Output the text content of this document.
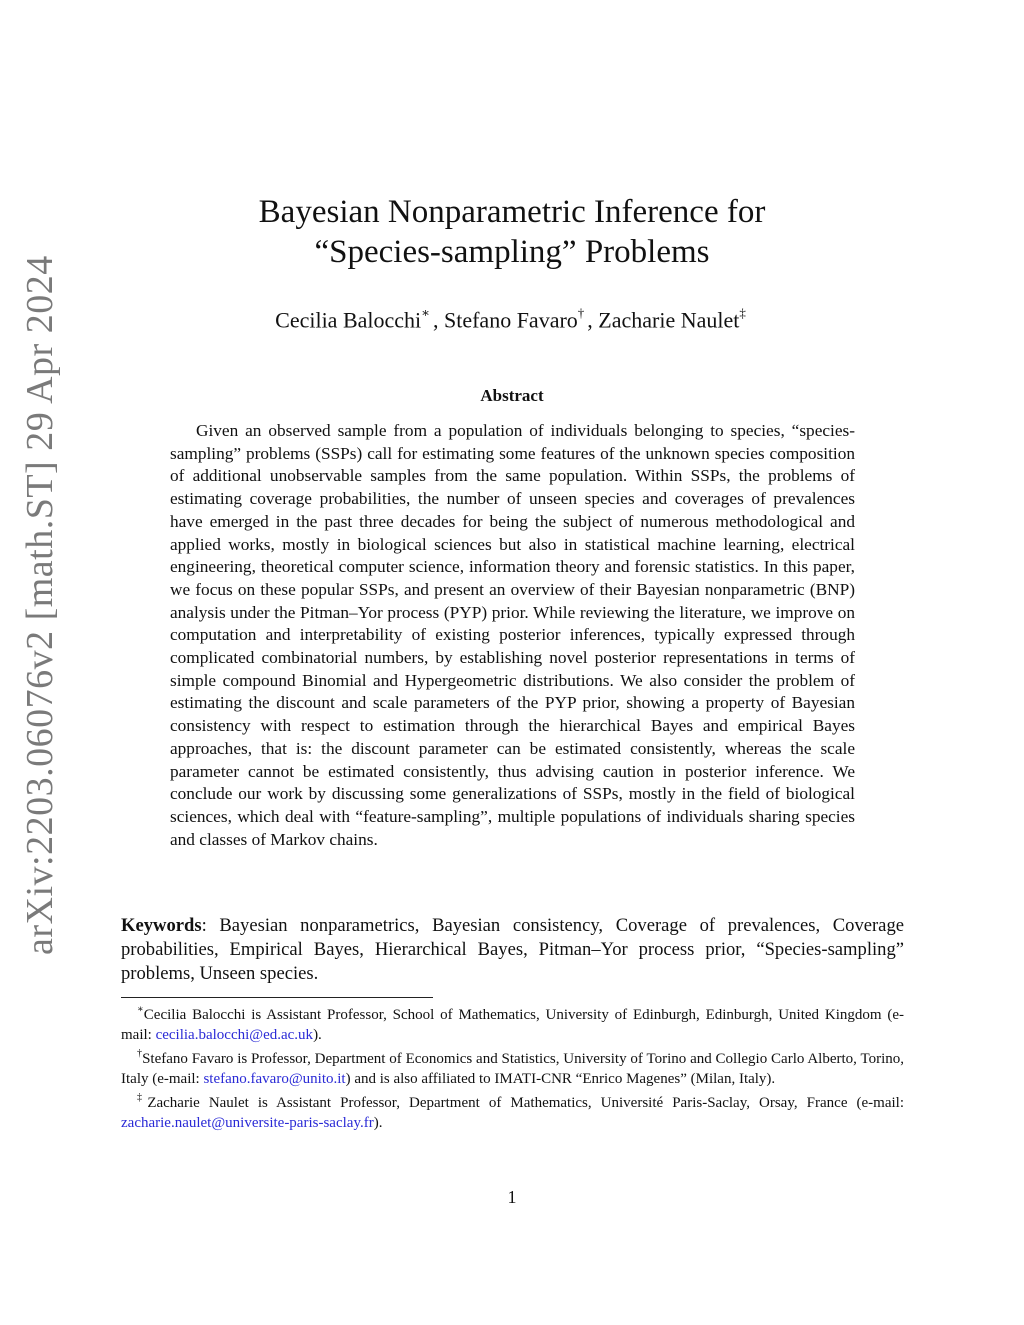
arXiv:2203.06076v2 [math.ST] 29 Apr 2024
Bayesian Nonparametric Inference for
“Species-sampling” Problems
Cecilia Balocchi∗ , Stefano Favaro† , Zacharie Naulet‡
Abstract
Given an observed sample from a population of individuals belonging to species, “species-sampling” problems (SSPs) call for estimating some features of the unknown species composition of additional unobservable samples from the same population. Within SSPs, the problems of estimating coverage probabilities, the number of unseen species and coverages of prevalences have emerged in the past three decades for being the subject of numerous methodological and applied works, mostly in biological sciences but also in statistical machine learning, electrical engineering, theoretical computer science, information theory and forensic statistics. In this paper, we focus on these popular SSPs, and present an overview of their Bayesian nonparametric (BNP) analysis under the Pitman–Yor process (PYP) prior. While reviewing the literature, we improve on computation and interpretability of existing posterior inferences, typically expressed through complicated combinatorial numbers, by establishing novel posterior representations in terms of simple compound Binomial and Hypergeometric distributions. We also consider the problem of estimating the discount and scale parameters of the PYP prior, showing a property of Bayesian consistency with respect to estimation through the hierarchical Bayes and empirical Bayes approaches, that is: the discount parameter can be estimated consistently, whereas the scale parameter cannot be estimated consistently, thus advising caution in posterior inference. We conclude our work by discussing some generalizations of SSPs, mostly in the field of biological sciences, which deal with “feature-sampling”, multiple populations of individuals sharing species and classes of Markov chains.
Keywords: Bayesian nonparametrics, Bayesian consistency, Coverage of prevalences, Coverage probabilities, Empirical Bayes, Hierarchical Bayes, Pitman–Yor process prior, “Species-sampling” problems, Unseen species.

∗Cecilia Balocchi is Assistant Professor, School of Mathematics, University of Edinburgh, Edinburgh, United Kingdom (e-mail: cecilia.balocchi@ed.ac.uk).

†Stefano Favaro is Professor, Department of Economics and Statistics, University of Torino and Collegio Carlo Alberto, Torino, Italy (e-mail: stefano.favaro@unito.it) and is also affiliated to IMATI-CNR “Enrico Magenes” (Milan, Italy).

‡Zacharie Naulet is Assistant Professor, Department of Mathematics, Université Paris-Saclay, Orsay, France (e-mail: zacharie.naulet@universite-paris-saclay.fr).

1
